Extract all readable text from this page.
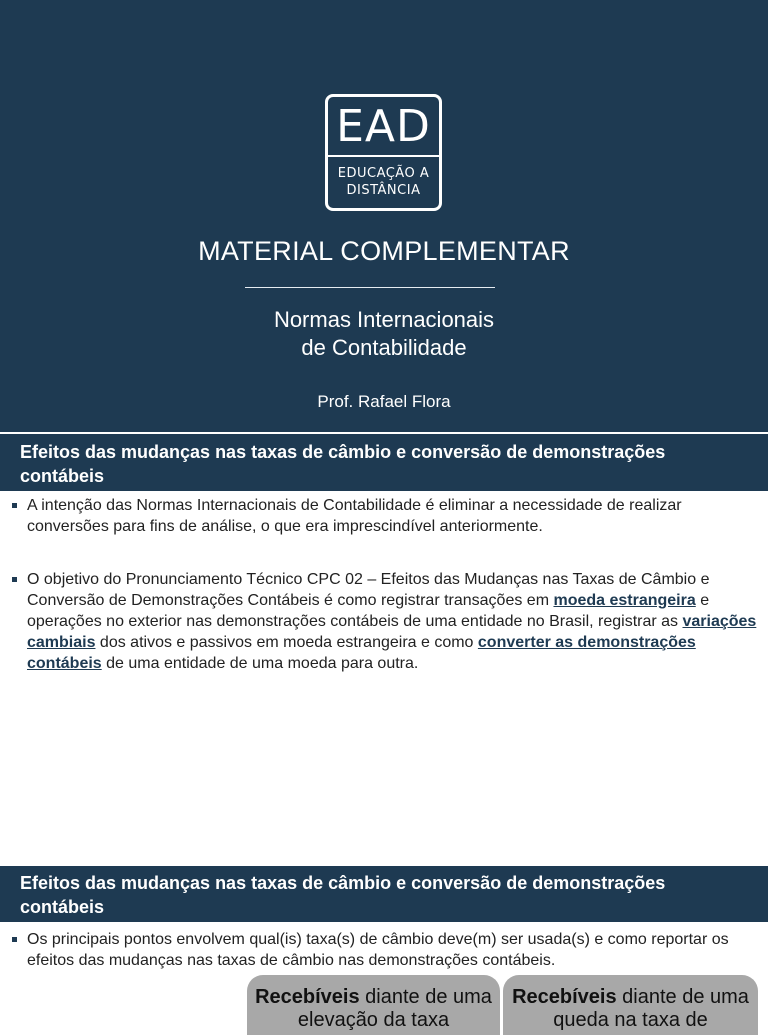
EAD
EDUCAÇÃO A
DISTÂNCIA
MATERIAL COMPLEMENTAR
Normas Internacionais
de Contabilidade
Prof. Rafael Flora
Efeitos das mudanças nas taxas de câmbio e conversão de demonstrações contábeis
A intenção das Normas Internacionais de Contabilidade é eliminar a necessidade de realizar conversões para fins de análise, o que era imprescindível anteriormente.
O objetivo do Pronunciamento Técnico CPC 02 – Efeitos das Mudanças nas Taxas de Câmbio e Conversão de Demonstrações Contábeis é como registrar transações em moeda estrangeira e operações no exterior nas demonstrações contábeis de uma entidade no Brasil, registrar as variações cambiais dos ativos e passivos em moeda estrangeira e como converter as demonstrações contábeis de uma entidade de uma moeda para outra.
Efeitos das mudanças nas taxas de câmbio e conversão de demonstrações contábeis
Os principais pontos envolvem qual(is) taxa(s) de câmbio deve(m) ser usada(s) e como reportar os efeitos das mudanças nas taxas de câmbio nas demonstrações contábeis.
Recebíveis diante de uma elevação da taxa
Recebíveis diante de uma queda na taxa de
